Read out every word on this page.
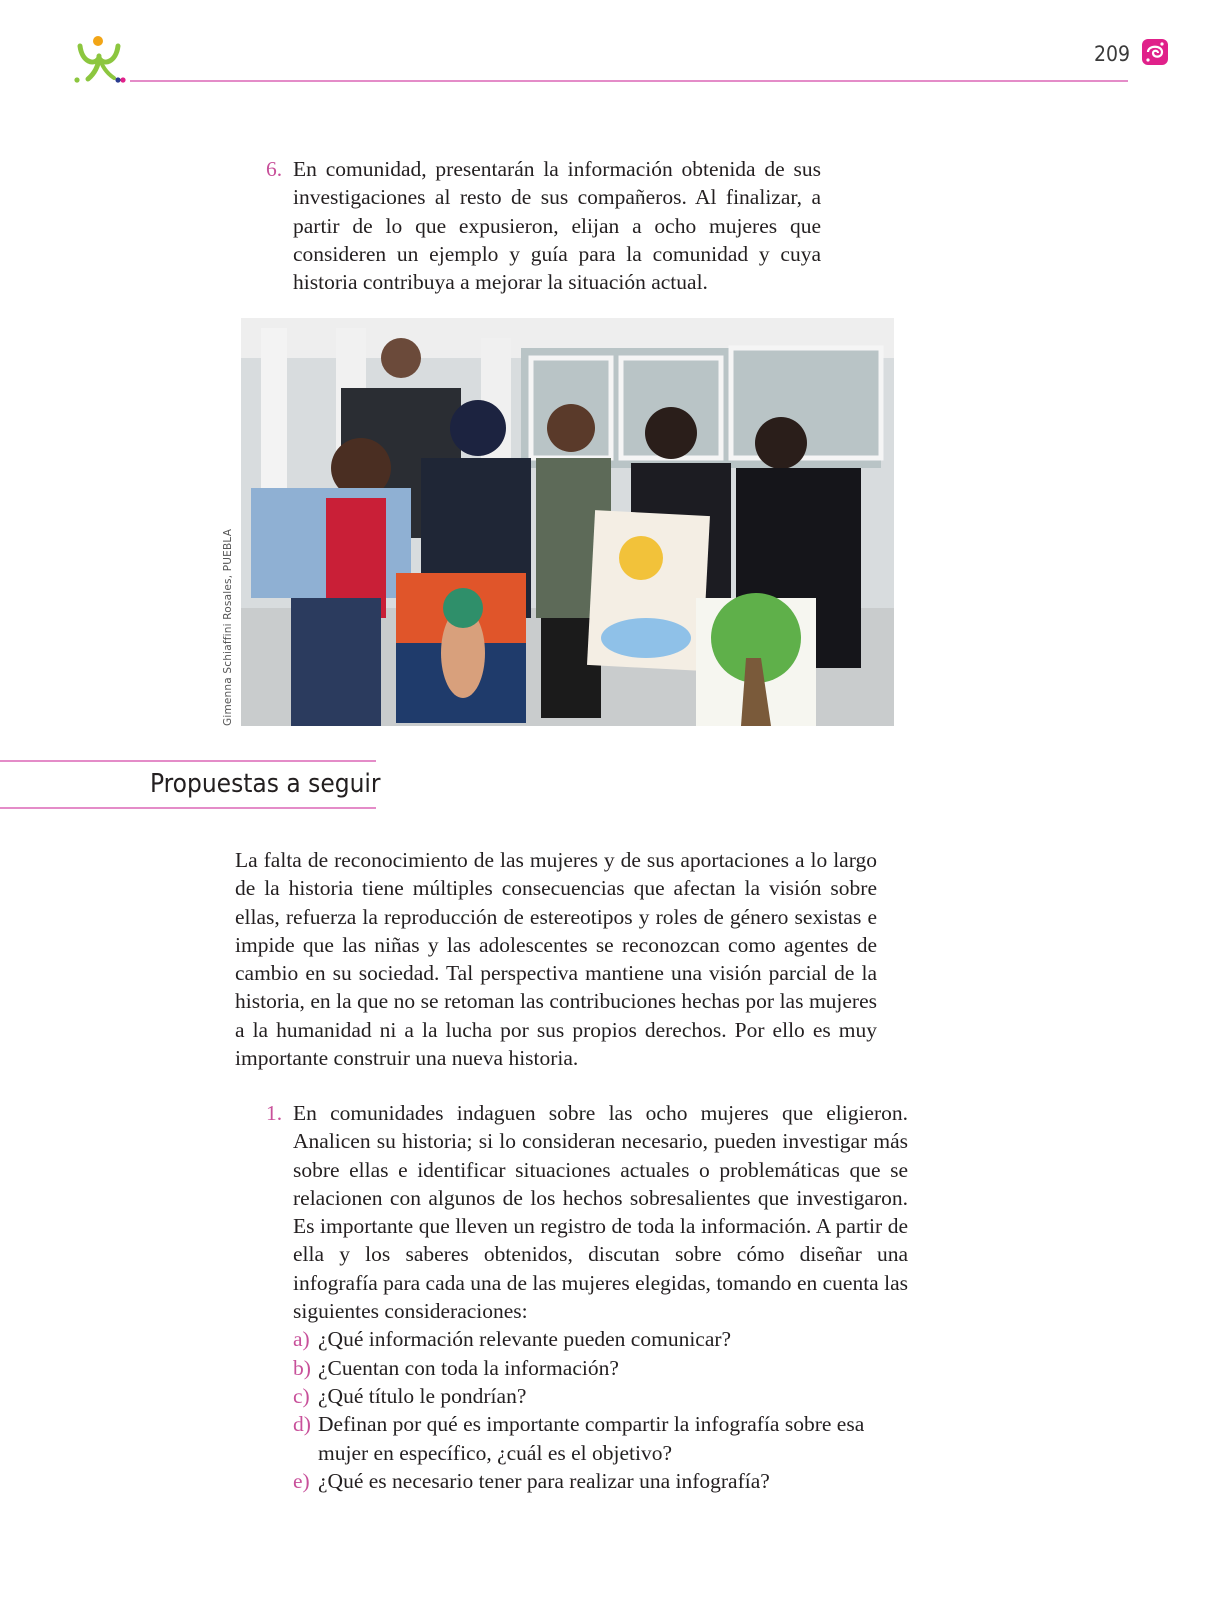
209
6. En comunidad, presentarán la información obtenida de sus investigaciones al resto de sus compañeros. Al finalizar, a partir de lo que expusieron, elijan a ocho mujeres que consideren un ejemplo y guía para la comunidad y cuya historia contribuya a mejorar la situación actual.
Gimenna Schiaffini Rosales, PUEBLA
Propuestas a seguir
La falta de reconocimiento de las mujeres y de sus aportaciones a lo largo de la historia tiene múltiples consecuencias que afectan la visión sobre ellas, refuerza la reproducción de estereotipos y roles de género sexistas e impide que las niñas y las adolescentes se reconozcan como agentes de cambio en su sociedad. Tal perspectiva mantiene una visión parcial de la historia, en la que no se retoman las contribuciones hechas por las mujeres a la humanidad ni a la lucha por sus propios derechos. Por ello es muy importante construir una nueva historia.
1. En comunidades indaguen sobre las ocho mujeres que eligieron. Analicen su historia; si lo consideran necesario, pueden investigar más sobre ellas e identificar situaciones actuales o problemáticas que se relacionen con algunos de los hechos sobresalientes que investigaron. Es importante que lleven un registro de toda la información. A partir de ella y los saberes obtenidos, discutan sobre cómo diseñar una infografía para cada una de las mujeres elegidas, tomando en cuenta las siguientes consideraciones:
a) ¿Qué información relevante pueden comunicar?
b) ¿Cuentan con toda la información?
c) ¿Qué título le pondrían?
d) Definan por qué es importante compartir la infografía sobre esa mujer en específico, ¿cuál es el objetivo?
e) ¿Qué es necesario tener para realizar una infografía?
